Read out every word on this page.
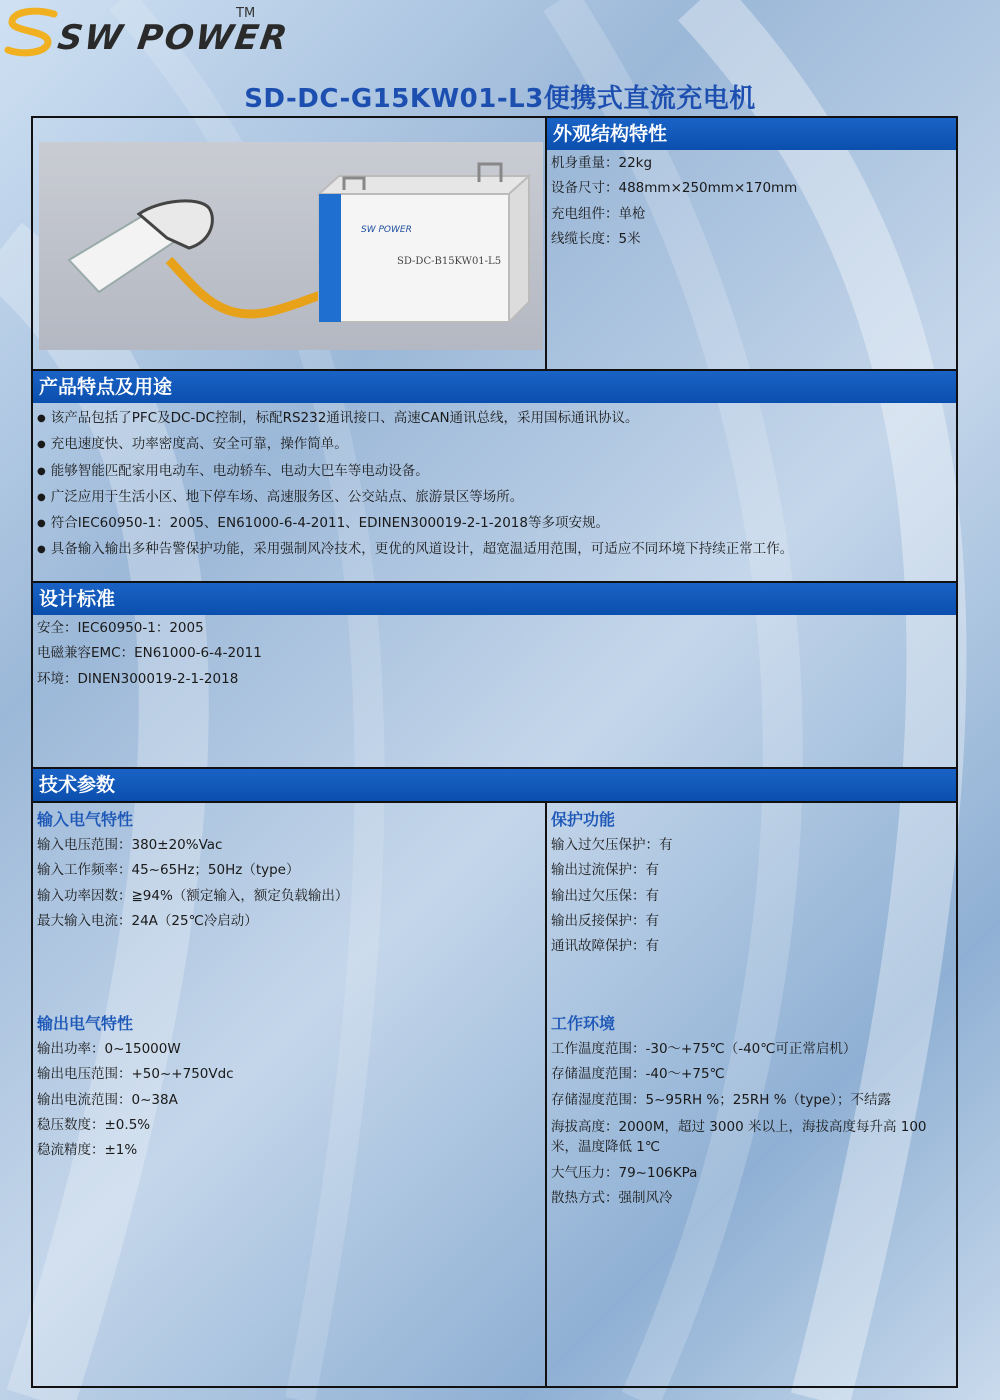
SW POWER
TM
SD-DC-G15KW01-L3便携式直流充电机
SW POWER
SD-DC-B15KW01-L5
外观结构特性
机身重量：22kg
设备尺寸：488mm×250mm×170mm
充电组件：单枪
线缆长度：5米
产品特点及用途
● 该产品包括了PFC及DC-DC控制，标配RS232通讯接口、高速CAN通讯总线，采用国标通讯协议。
● 充电速度快、功率密度高、安全可靠，操作简单。
● 能够智能匹配家用电动车、电动轿车、电动大巴车等电动设备。
● 广泛应用于生活小区、地下停车场、高速服务区、公交站点、旅游景区等场所。
● 符合IEC60950-1：2005、EN61000-6-4-2011、EDINEN300019-2-1-2018等多项安规。
● 具备输入输出多种告警保护功能，采用强制风冷技术，更优的风道设计，超宽温适用范围，可适应不同环境下持续正常工作。
设计标准
安全：IEC60950-1：2005
电磁兼容EMC：EN61000-6-4-2011
环境：DINEN300019-2-1-2018
技术参数
输入电气特性
输入电压范围：380±20%Vac
输入工作频率：45~65Hz；50Hz（type）
输入功率因数：≧94%（额定输入，额定负载输出）
最大输入电流：24A（25℃冷启动）
保护功能
输入过欠压保护：有
输出过流保护：有
输出过欠压保：有
输出反接保护：有
通讯故障保护：有
输出电气特性
输出功率：0~15000W
输出电压范围：+50~+750Vdc
输出电流范围：0~38A
稳压数度：±0.5%
稳流精度：±1%
工作环境
工作温度范围：-30～+75℃（-40℃可正常启机）
存储温度范围：-40～+75℃
存储湿度范围：5~95RH %；25RH %（type）；不结露
海拔高度：2000M，超过 3000 米以上，海拔高度每升高 100 米，温度降低 1℃
大气压力：79~106KPa
散热方式：强制风冷
